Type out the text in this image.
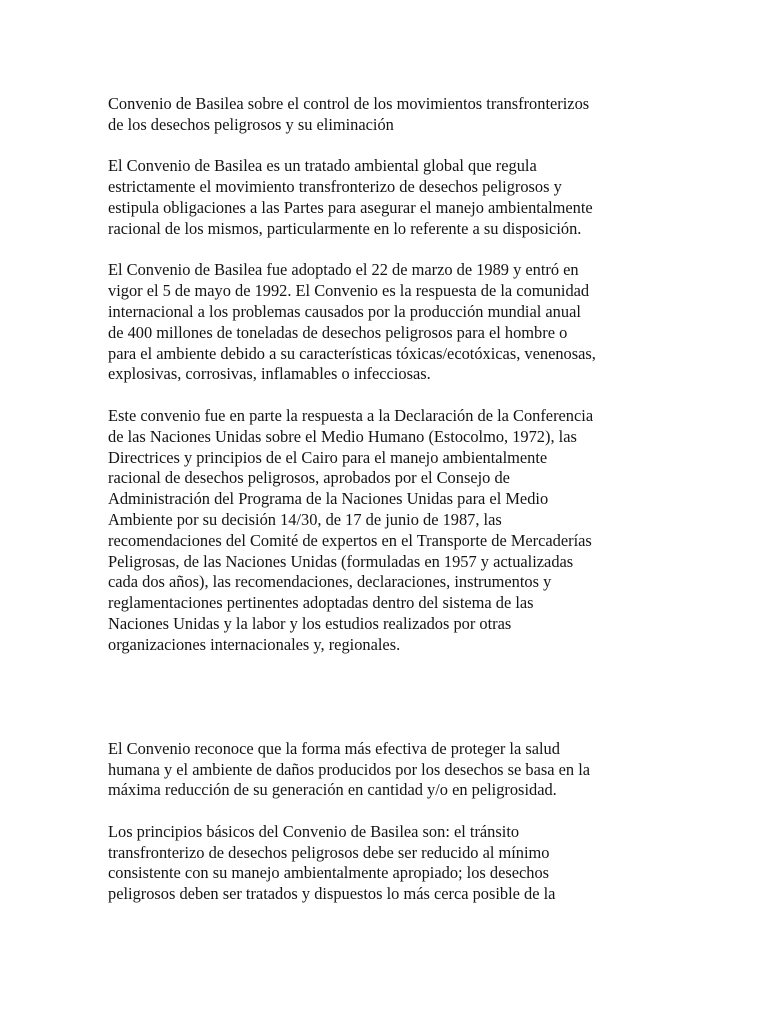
Convenio de Basilea sobre el control de los movimientos transfronterizos
de los desechos peligrosos y su eliminación
El Convenio de Basilea es un tratado ambiental global que regula
estrictamente el movimiento transfronterizo de desechos peligrosos y
estipula obligaciones a las Partes para asegurar el manejo ambientalmente
racional de los mismos, particularmente en lo referente a su disposición.
El Convenio de Basilea fue adoptado el 22 de marzo de 1989 y entró en
vigor el 5 de mayo de 1992. El Convenio es la respuesta de la comunidad
internacional a los problemas causados por la producción mundial anual
de 400 millones de toneladas de desechos peligrosos para el hombre o
para el ambiente debido a su características tóxicas/ecotóxicas, venenosas,
explosivas, corrosivas, inflamables o infecciosas.
Este convenio fue en parte la respuesta a la Declaración de la Conferencia
de las Naciones Unidas sobre el Medio Humano (Estocolmo, 1972), las
Directrices y principios de el Cairo para el manejo ambientalmente
racional de desechos peligrosos, aprobados por el Consejo de
Administración del Programa de la Naciones Unidas para el Medio
Ambiente por su decisión 14/30, de 17 de junio de 1987, las
recomendaciones del Comité de expertos en el Transporte de Mercaderías
Peligrosas, de las Naciones Unidas (formuladas en 1957 y actualizadas
cada dos años), las recomendaciones, declaraciones, instrumentos y
reglamentaciones pertinentes adoptadas dentro del sistema de las
Naciones Unidas y la labor y los estudios realizados por otras
organizaciones internacionales y, regionales.
El Convenio reconoce que la forma más efectiva de proteger la salud
humana y el ambiente de daños producidos por los desechos se basa en la
máxima reducción de su generación en cantidad y/o en peligrosidad.
Los principios básicos del Convenio de Basilea son: el tránsito
transfronterizo de desechos peligrosos debe ser reducido al mínimo
consistente con su manejo ambientalmente apropiado; los desechos
peligrosos deben ser tratados y dispuestos lo más cerca posible de la
